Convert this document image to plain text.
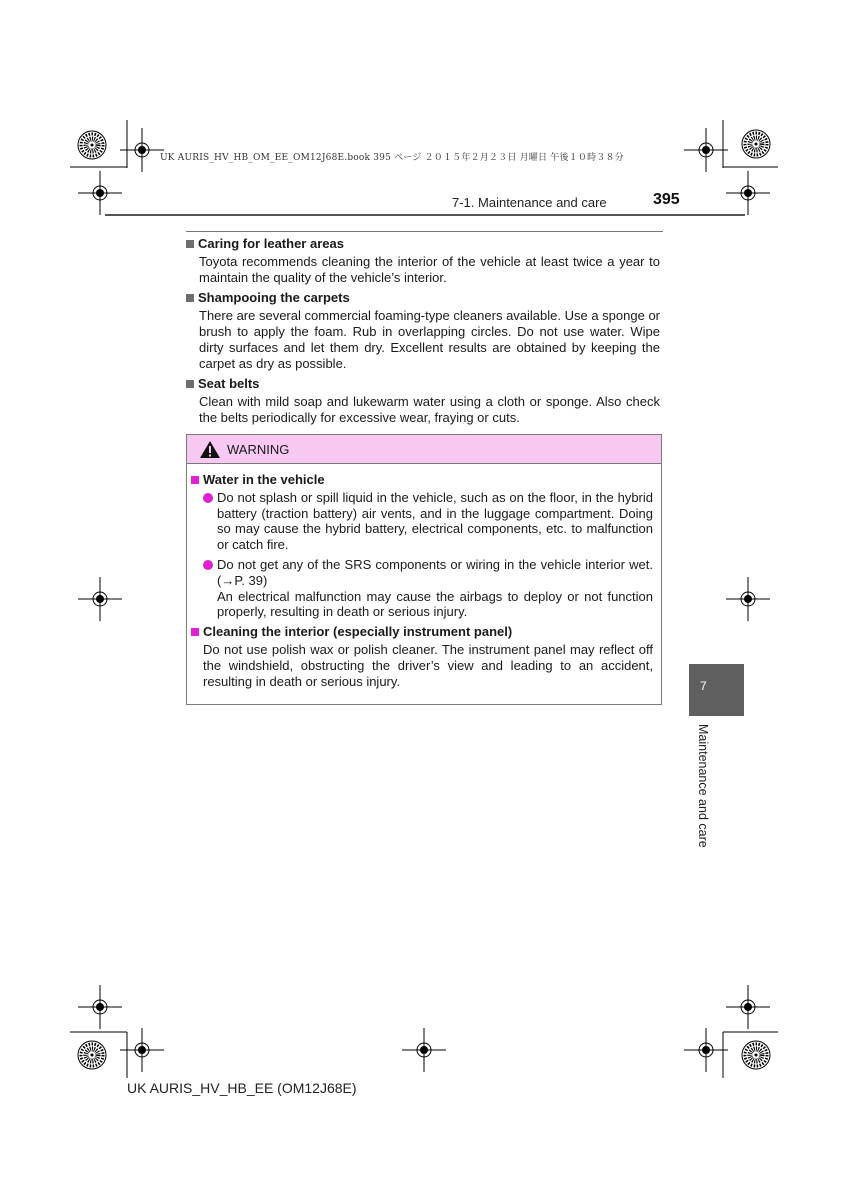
UK AURIS_HV_HB_OM_EE_OM12J68E.book 395 ページ ２０１５年２月２３日 月曜日 午後１０時３８分
7-1. Maintenance and care	395
Caring for leather areas

Toyota recommends cleaning the interior of the vehicle at least twice a year to maintain the quality of the vehicle’s interior.

Shampooing the carpets

There are several commercial foaming-type cleaners available. Use a sponge or brush to apply the foam. Rub in overlapping circles. Do not use water. Wipe dirty surfaces and let them dry. Excellent results are obtained by keeping the carpet as dry as possible.

Seat belts

Clean with mild soap and lukewarm water using a cloth or sponge. Also check the belts periodically for excessive wear, fraying or cuts.

WARNING
Water in the vehicle
Do not splash or spill liquid in the vehicle, such as on the floor, in the hybrid battery (traction battery) air vents, and in the luggage compartment. Doing so may cause the hybrid battery, electrical components, etc. to malfunction or catch fire.
Do not get any of the SRS components or wiring in the vehicle interior wet. (→P. 39)
An electrical malfunction may cause the airbags to deploy or not function properly, resulting in death or serious injury.
Cleaning the interior (especially instrument panel)

Do not use polish wax or polish cleaner. The instrument panel may reflect off the windshield, obstructing the driver’s view and leading to an accident, resulting in death or serious injury.	7
Maintenance and care
UK AURIS_HV_HB_EE (OM12J68E)
